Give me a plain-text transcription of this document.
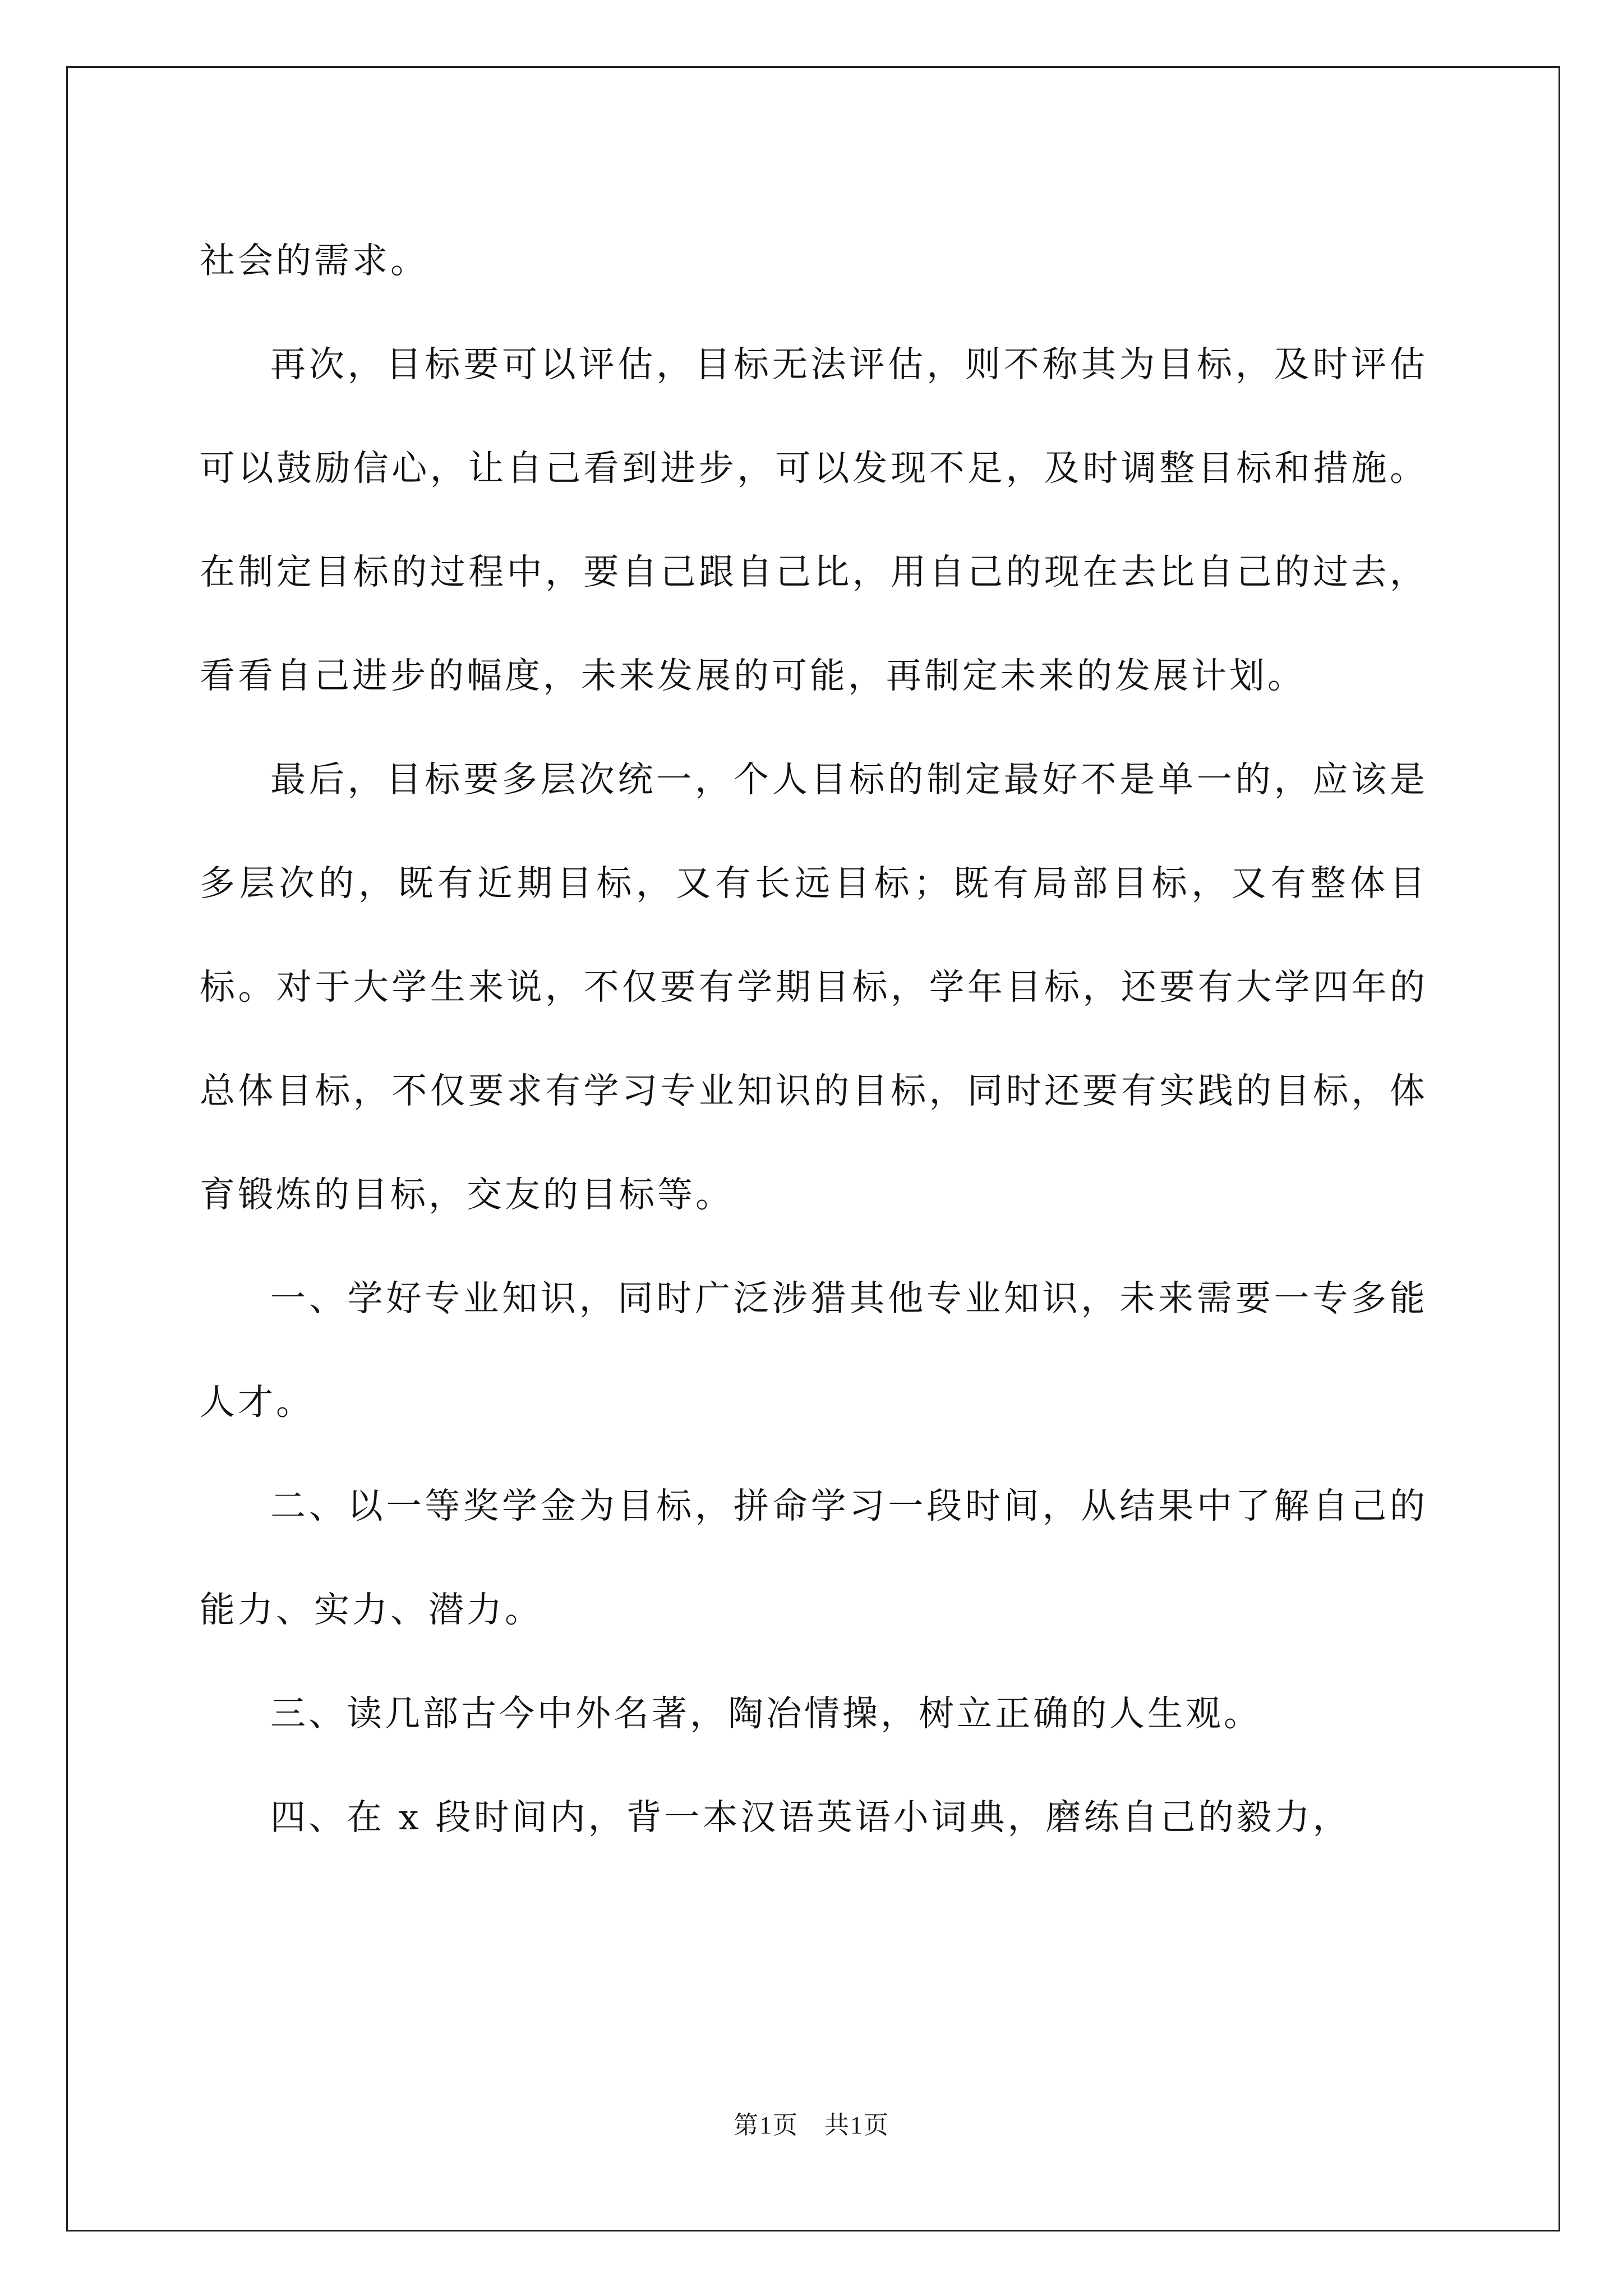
社会的需求。

再次，目标要可以评估，目标无法评估，则不称其为目标，及时评估可以鼓励信心，让自己看到进步，可以发现不足，及时调整目标和措施。在制定目标的过程中，要自己跟自己比，用自己的现在去比自己的过去，看看自己进步的幅度，未来发展的可能，再制定未来的发展计划。

最后，目标要多层次统一，个人目标的制定最好不是单一的，应该是多层次的，既有近期目标，又有长远目标；既有局部目标，又有整体目标。对于大学生来说，不仅要有学期目标，学年目标，还要有大学四年的总体目标，不仅要求有学习专业知识的目标，同时还要有实践的目标，体育锻炼的目标，交友的目标等。

一、学好专业知识，同时广泛涉猎其他专业知识，未来需要一专多能人才。

二、以一等奖学金为目标，拼命学习一段时间，从结果中了解自己的能力、实力、潜力。

三、读几部古今中外名著，陶冶情操，树立正确的人生观。

四、在 x 段时间内，背一本汉语英语小词典，磨练自己的毅力，

第1页　共1页
